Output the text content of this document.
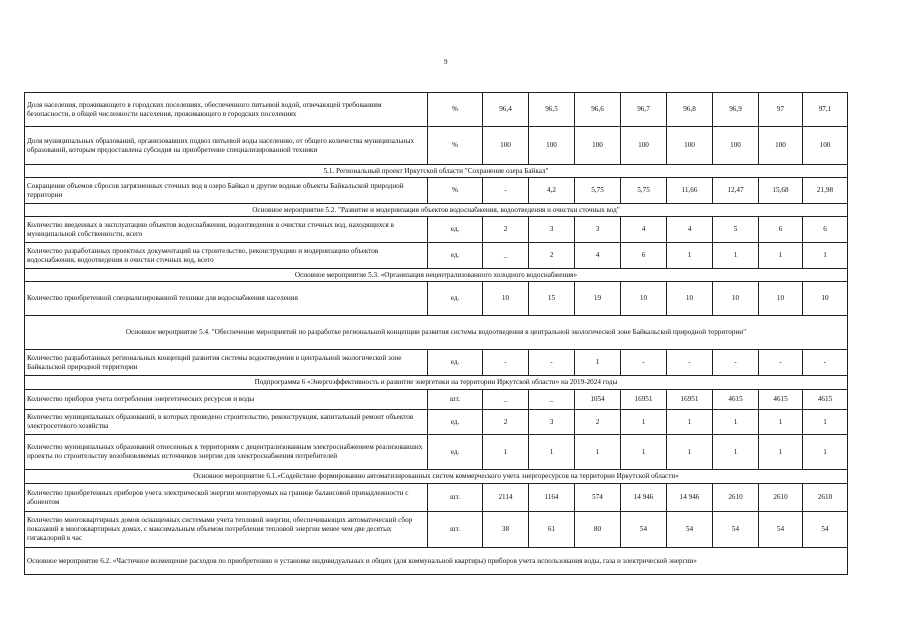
9
Доля населения, проживающего в городских поселениях, обеспеченного питьевой водой, отвечающей требованиям безопасности, в общей численности населения, проживающего в городских поселениях	%	96,4	96,5	96,6	96,7	96,8	96,9	97	97,1
Доля муниципальных образований, организовавших подвоз питьевой воды населению, от общего количества муниципальных образований, которым предоставлена субсидия на приобретение специализированной техники	%	100	100	100	100	100	100	100	100
5.1. Региональный проект Иркутской области "Сохранение озера Байкал"									
Сокращение объемов сбросов загрязненных сточных вод в озеро Байкал и другие водные объекты Байкальской природной территории	%	-	4,2	5,75	5,75	11,66	12,47	15,68	21,98
Основное мероприятие 5.2. "Развитие и модернизация объектов водоснабжения, водоотведения и очистки сточных вод"									
Количество введенных в эксплуатацию объектов водоснабжения, водоотведения и очистки сточных вод, находящихся в муниципальной собственности, всего	ед.	2	3	3	4	4	5	6	6
Количество разработанных проектных документаций на строительство, реконструкцию и модернизацию объектов водоснабжения, водоотведения и очистки сточных вод, всего	ед.	_	2	4	6	1	1	1	1
Основное мероприятие 5.3. «Организация нецентрализованного холодного водоснабжения»									
Количество приобретенной специализированной техники для водоснабжения населения	ед.	10	15	19	10	10	10	10	10
Основное мероприятие 5.4. "Обеспечение мероприятий по разработке региональной концепции развития системы водоотведения в центральной экологической зоне Байкальской природной территории"									
Количество разработанных региональных концепций развития системы водоотведения в центральной экологической зоне Байкальской природной территории	ед.	-	-	1	-	-	-	-	-
Подпрограмма 6 «Энергоэффективность и развитие энергетики на территории Иркутской области» на 2019-2024 годы									
Количество приборов учета потребления энергетических ресурсов и воды	шт.	_	_	1054	16951	16951	4615	4615	4615
Количество муниципальных образований, в которых проведено строительство, реконструкция, капитальный ремонт объектов электросетевого хозяйства	ед.	2	3	2	1	1	1	1	1
Количество муниципальных образований отнесенных к территориям с децентрализованным электроснабжением реализовавших проекты по строительству возобновляемых источников энергии для электроснабжения потребителей	ед.	1	1	1	1	1	1	1	1
Основное мероприятие 6.1.«Содействие формированию автоматизированных систем коммерческого учета энергоресурсов на территории Иркутской области»									
Количество приобретенных приборов учета электрической энергии монтируемых на границе балансовой принадлежности с абонентом	шт.	2114	1164	574	14 946	14 946	2610	2610	2610
Количество многоквартирных домов оснащенных системами учета тепловой энергии, обеспечивающих автоматический сбор показаний в многоквартирных домах, с максимальным объемом потребления тепловой энергии менее чем две десятых гигакалорий в час	шт.	38	61	80	54	54	54	54	54
Основное мероприятие 6.2. «Частичное возмещение расходов по приобретению и установке индивидуальных и общих (для коммунальной квартиры) приборов учета использования воды, газа и электрической энергии»									
